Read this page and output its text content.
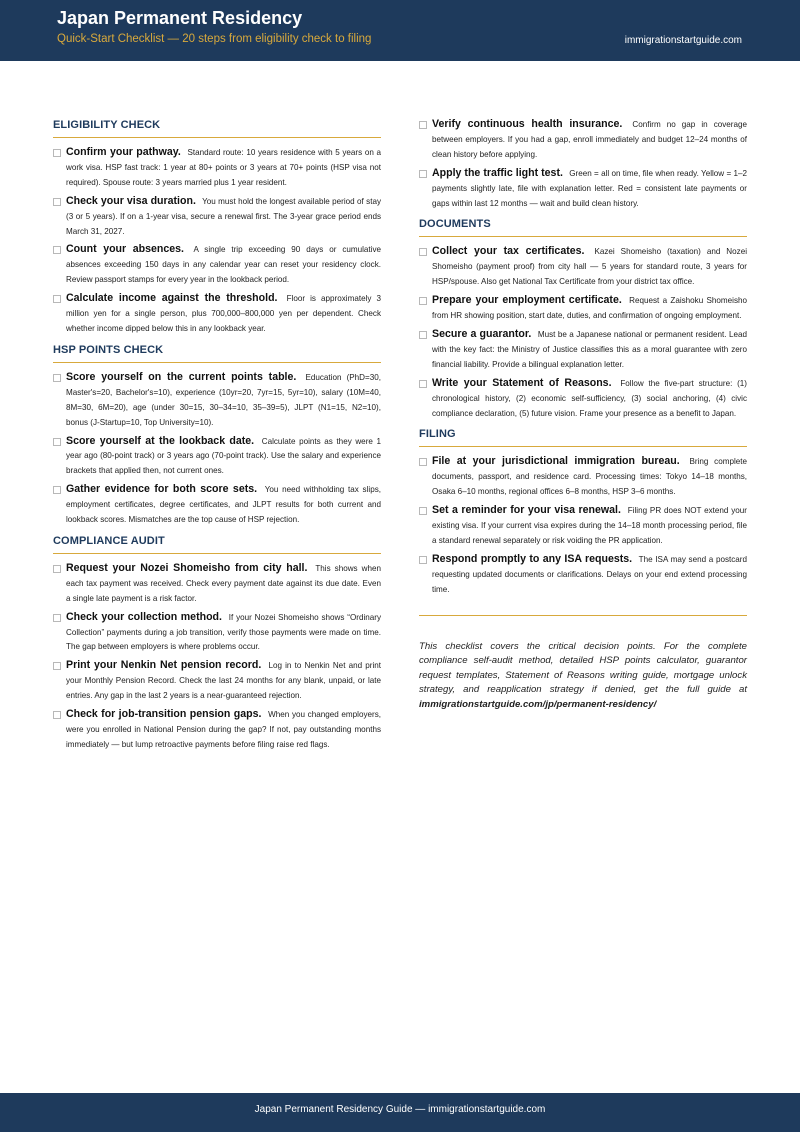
Japan Permanent Residency
Quick-Start Checklist — 20 steps from eligibility check to filing	immigrationstartguide.com
ELIGIBILITY CHECK
Confirm your pathway. Standard route: 10 years residence with 5 years on a work visa. HSP fast track: 1 year at 80+ points or 3 years at 70+ points (HSP visa not required). Spouse route: 3 years married plus 1 year resident.
Check your visa duration. You must hold the longest available period of stay (3 or 5 years). If on a 1-year visa, secure a renewal first. The 3-year grace period ends March 31, 2027.
Count your absences. A single trip exceeding 90 days or cumulative absences exceeding 150 days in any calendar year can reset your residency clock. Review passport stamps for every year in the lookback period.
Calculate income against the threshold. Floor is approximately 3 million yen for a single person, plus 700,000–800,000 yen per dependent. Check whether income dipped below this in any lookback year.
HSP POINTS CHECK
Score yourself on the current points table. Education (PhD=30, Master's=20, Bachelor's=10), experience (10yr=20, 7yr=15, 5yr=10), salary (10M=40, 8M=30, 6M=20), age (under 30=15, 30–34=10, 35–39=5), JLPT (N1=15, N2=10), bonus (J-Startup=10, Top University=10).
Score yourself at the lookback date. Calculate points as they were 1 year ago (80-point track) or 3 years ago (70-point track). Use the salary and experience brackets that applied then, not current ones.
Gather evidence for both score sets. You need withholding tax slips, employment certificates, degree certificates, and JLPT results for both current and lookback scores. Mismatches are the top cause of HSP rejection.
COMPLIANCE AUDIT
Request your Nozei Shomeisho from city hall. This shows when each tax payment was received. Check every payment date against its due date. Even a single late payment is a risk factor.
Check your collection method. If your Nozei Shomeisho shows “Ordinary Collection” payments during a job transition, verify those payments were made on time. The gap between employers is where problems occur.
Print your Nenkin Net pension record. Log in to Nenkin Net and print your Monthly Pension Record. Check the last 24 months for any blank, unpaid, or late entries. Any gap in the last 2 years is a near-guaranteed rejection.
Check for job-transition pension gaps. When you changed employers, were you enrolled in National Pension during the gap? If not, pay outstanding months immediately — but lump retroactive payments before filing raise red flags.
Verify continuous health insurance. Confirm no gap in coverage between employers. If you had a gap, enroll immediately and budget 12–24 months of clean history before applying.
Apply the traffic light test. Green = all on time, file when ready. Yellow = 1–2 payments slightly late, file with explanation letter. Red = consistent late payments or gaps within last 12 months — wait and build clean history.
DOCUMENTS
Collect your tax certificates. Kazei Shomeisho (taxation) and Nozei Shomeisho (payment proof) from city hall — 5 years for standard route, 3 years for HSP/spouse. Also get National Tax Certificate from your district tax office.
Prepare your employment certificate. Request a Zaishoku Shomeisho from HR showing position, start date, duties, and confirmation of ongoing employment.
Secure a guarantor. Must be a Japanese national or permanent resident. Lead with the key fact: the Ministry of Justice classifies this as a moral guarantee with zero financial liability. Provide a bilingual explanation letter.
Write your Statement of Reasons. Follow the five-part structure: (1) chronological history, (2) economic self-sufficiency, (3) social anchoring, (4) civic compliance declaration, (5) future vision. Frame your presence as a benefit to Japan.
FILING
File at your jurisdictional immigration bureau. Bring complete documents, passport, and residence card. Processing times: Tokyo 14–18 months, Osaka 6–10 months, regional offices 6–8 months, HSP 3–6 months.
Set a reminder for your visa renewal. Filing PR does NOT extend your existing visa. If your current visa expires during the 14–18 month processing period, file a standard renewal separately or risk voiding the PR application.
Respond promptly to any ISA requests. The ISA may send a postcard requesting updated documents or clarifications. Delays on your end extend processing time.
This checklist covers the critical decision points. For the complete compliance self-audit method, detailed HSP points calculator, guarantor request templates, Statement of Reasons writing guide, mortgage unlock strategy, and reapplication strategy if denied, get the full guide at immigrationstartguide.com/jp/permanent-residency/
Japan Permanent Residency Guide — immigrationstartguide.com
